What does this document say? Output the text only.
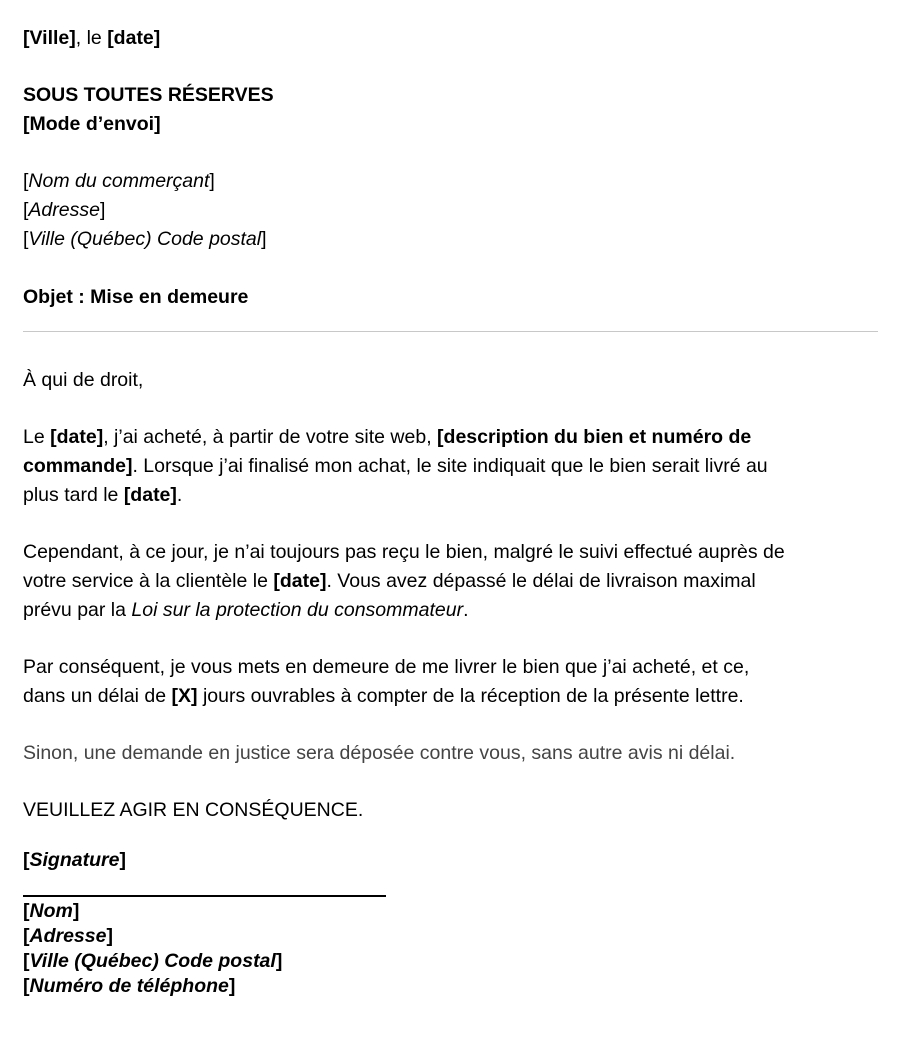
[Ville], le [date]
SOUS TOUTES RÉSERVES
[Mode d’envoi]
[Nom du commerçant]
[Adresse]
[Ville (Québec) Code postal]
Objet : Mise en demeure
À qui de droit,
Le [date], j’ai acheté, à partir de votre site web, [description du bien et numéro de
commande]. Lorsque j’ai finalisé mon achat, le site indiquait que le bien serait livré au
plus tard le [date].
Cependant, à ce jour, je n’ai toujours pas reçu le bien, malgré le suivi effectué auprès de
votre service à la clientèle le [date]. Vous avez dépassé le délai de livraison maximal
prévu par la Loi sur la protection du consommateur.
Par conséquent, je vous mets en demeure de me livrer le bien que j’ai acheté, et ce,
dans un délai de [X] jours ouvrables à compter de la réception de la présente lettre.
Sinon, une demande en justice sera déposée contre vous, sans autre avis ni délai.
VEUILLEZ AGIR EN CONSÉQUENCE.
[Signature]
[Nom]
[Adresse]
[Ville (Québec) Code postal]
[Numéro de téléphone]
